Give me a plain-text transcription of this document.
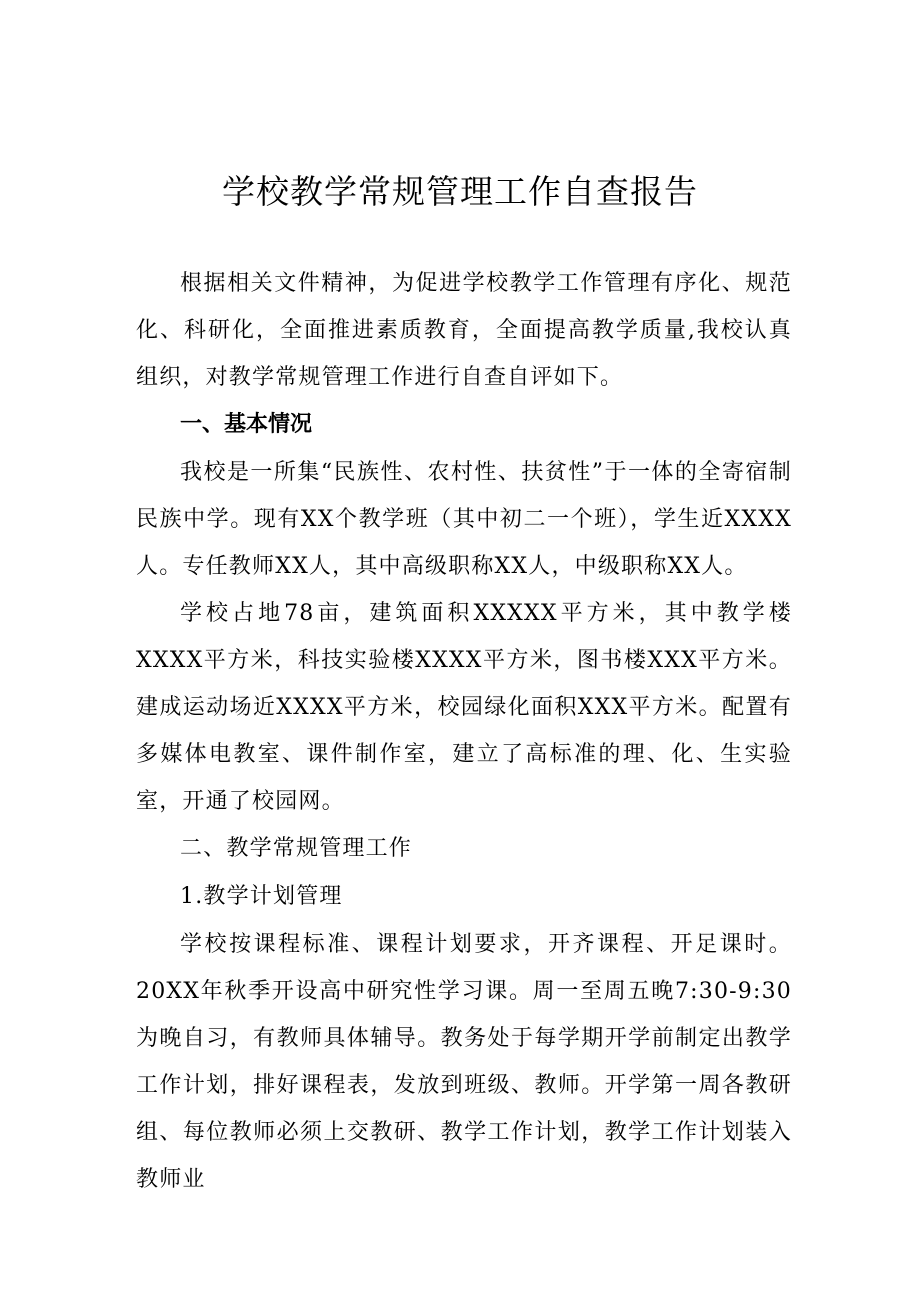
学校教学常规管理工作自查报告

根据相关文件精神，为促进学校教学工作管理有序化、规范化、科研化，全面推进素质教育，全面提高教学质量,我校认真组织，对教学常规管理工作进行自查自评如下。

一、基本情况

我校是一所集“民族性、农村性、扶贫性”于一体的全寄宿制民族中学。现有XX个教学班（其中初二一个班），学生近XXXX人。专任教师XX人，其中高级职称XX人，中级职称XX人。

学校占地78亩，建筑面积XXXXX平方米，其中教学楼XXXX平方米，科技实验楼XXXX平方米，图书楼XXX平方米。建成运动场近XXXX平方米，校园绿化面积XXX平方米。配置有多媒体电教室、课件制作室，建立了高标准的理、化、生实验室，开通了校园网。

二、教学常规管理工作

1.教学计划管理

学校按课程标准、课程计划要求，开齐课程、开足课时。20XX年秋季开设高中研究性学习课。周一至周五晚7:30-9:30为晚自习，有教师具体辅导。教务处于每学期开学前制定出教学工作计划，排好课程表，发放到班级、教师。开学第一周各教研组、每位教师必须上交教研、教学工作计划，教学工作计划装入教师业
